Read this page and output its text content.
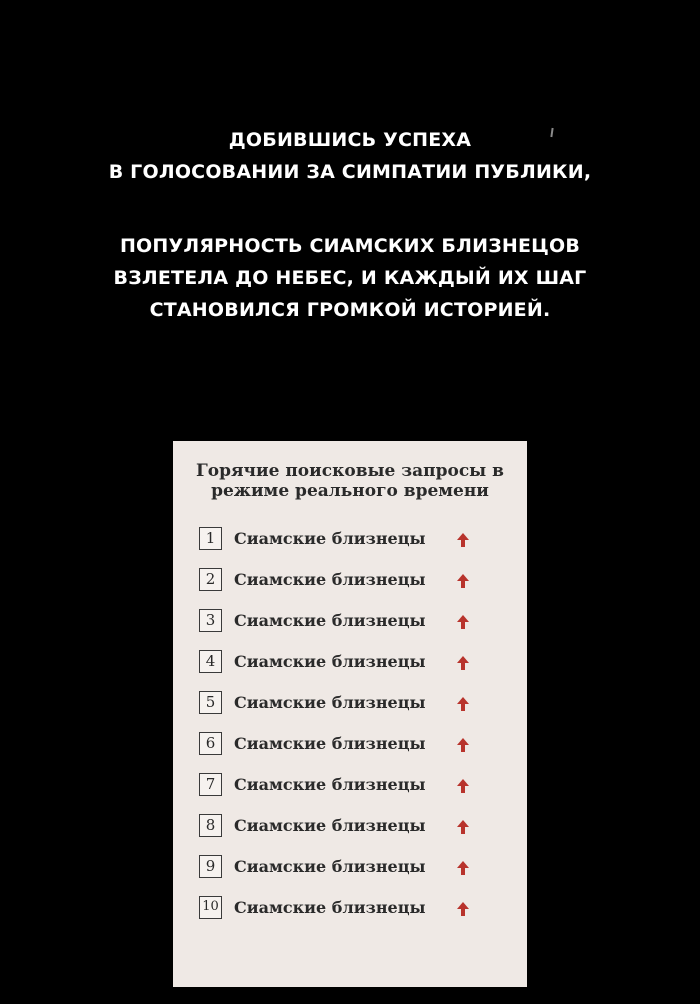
ДОБИВШИСЬ УСПЕХА
В ГОЛОСОВАНИИ ЗА СИМПАТИИ ПУБЛИКИ,
ПОПУЛЯРНОСТЬ СИАМСКИХ БЛИЗНЕЦОВ
ВЗЛЕТЕЛА ДО НЕБЕС, И КАЖДЫЙ ИХ ШАГ
СТАНОВИЛСЯ ГРОМКОЙ ИСТОРИЕЙ.
Горячие поисковые запросы в
режиме реального времени
1	Сиамские близнецы
2	Сиамские близнецы
3	Сиамские близнецы
4	Сиамские близнецы
5	Сиамские близнецы
6	Сиамские близнецы
7	Сиамские близнецы
8	Сиамские близнецы
9	Сиамские близнецы
10 Сиамские близнецы
